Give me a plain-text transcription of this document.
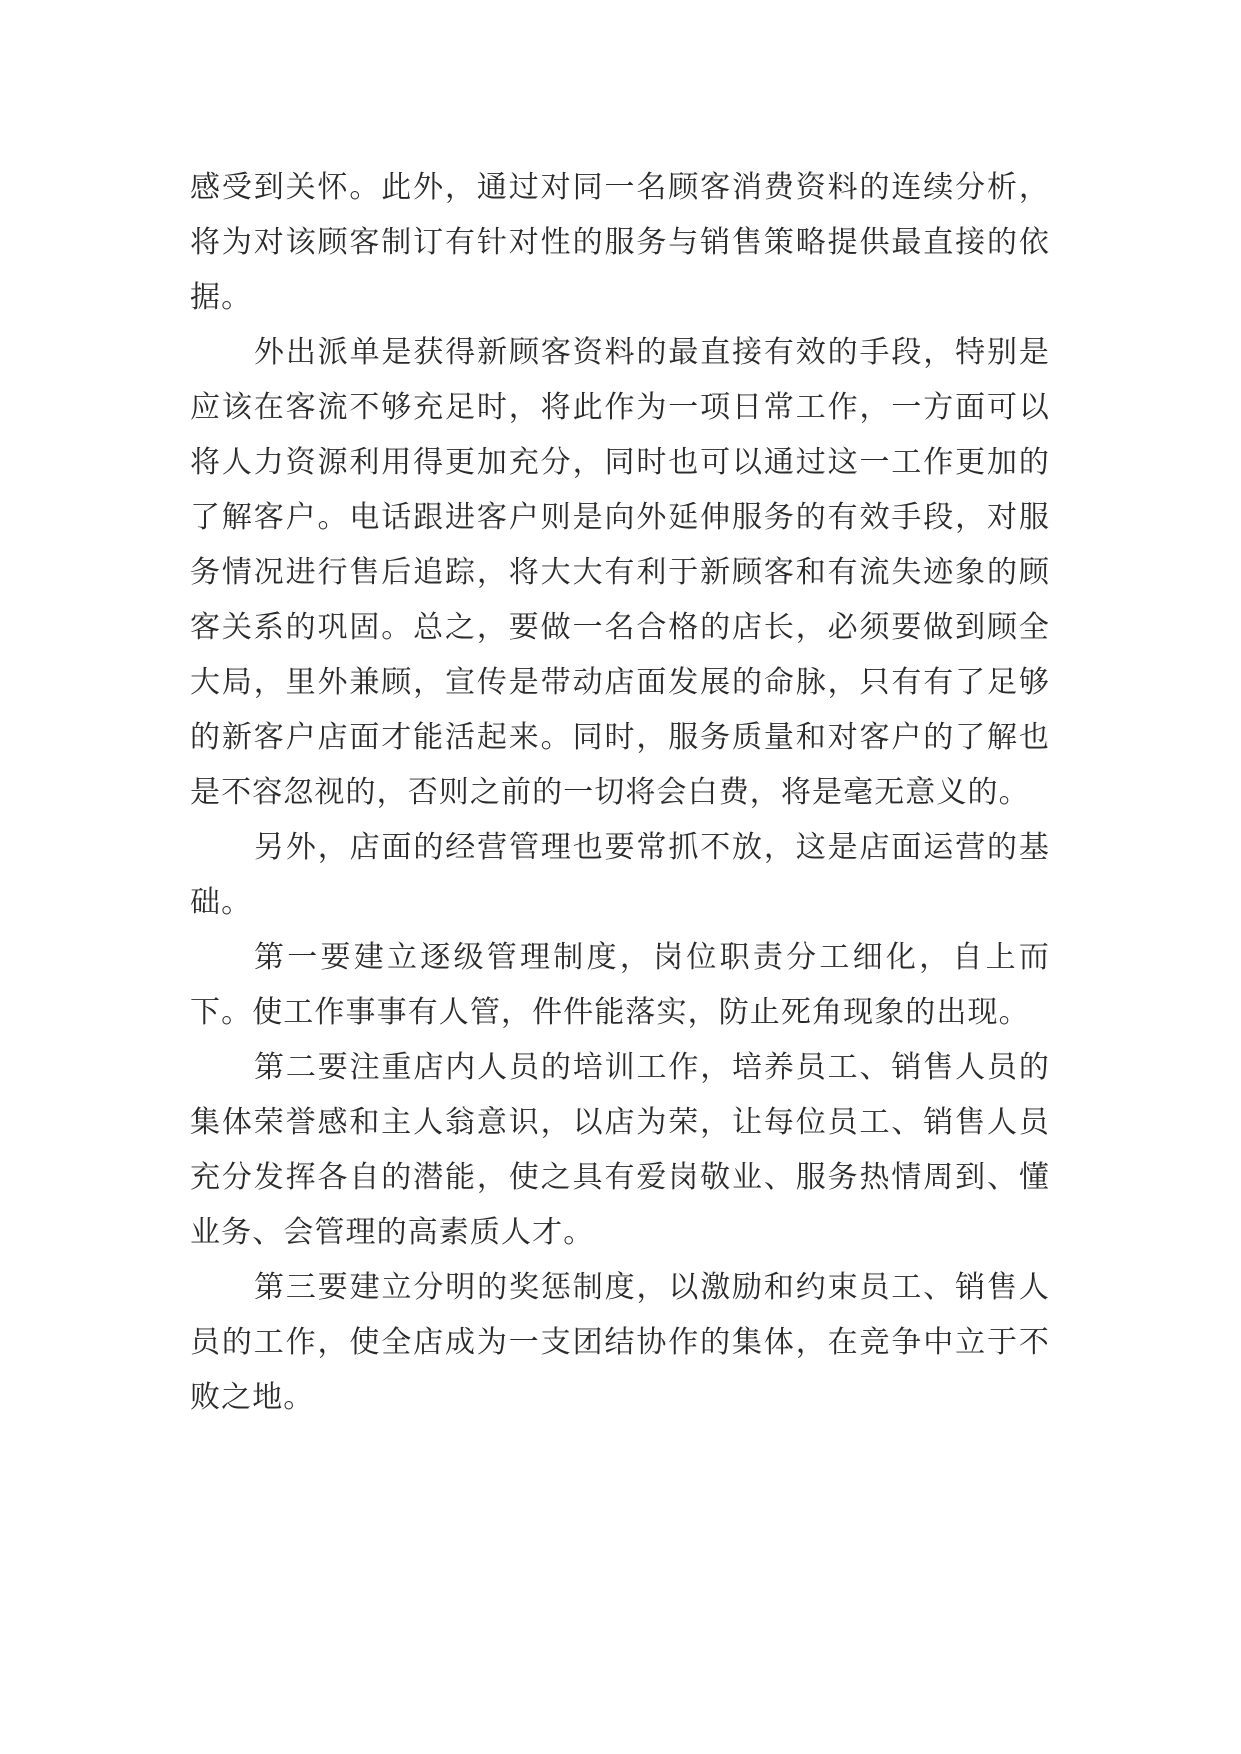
感受到关怀。此外，通过对同一名顾客消费资料的连续分析，将为对该顾客制订有针对性的服务与销售策略提供最直接的依据。

外出派单是获得新顾客资料的最直接有效的手段，特别是应该在客流不够充足时，将此作为一项日常工作，一方面可以将人力资源利用得更加充分，同时也可以通过这一工作更加的了解客户。电话跟进客户则是向外延伸服务的有效手段，对服务情况进行售后追踪，将大大有利于新顾客和有流失迹象的顾客关系的巩固。总之，要做一名合格的店长，必须要做到顾全大局，里外兼顾，宣传是带动店面发展的命脉，只有有了足够的新客户店面才能活起来。同时，服务质量和对客户的了解也是不容忽视的，否则之前的一切将会白费，将是毫无意义的。

另外，店面的经营管理也要常抓不放，这是店面运营的基础。

第一要建立逐级管理制度，岗位职责分工细化，自上而下。使工作事事有人管，件件能落实，防止死角现象的出现。

第二要注重店内人员的培训工作，培养员工、销售人员的集体荣誉感和主人翁意识，以店为荣，让每位员工、销售人员充分发挥各自的潜能，使之具有爱岗敬业、服务热情周到、懂业务、会管理的高素质人才。

第三要建立分明的奖惩制度，以激励和约束员工、销售人员的工作，使全店成为一支团结协作的集体，在竞争中立于不败之地。
